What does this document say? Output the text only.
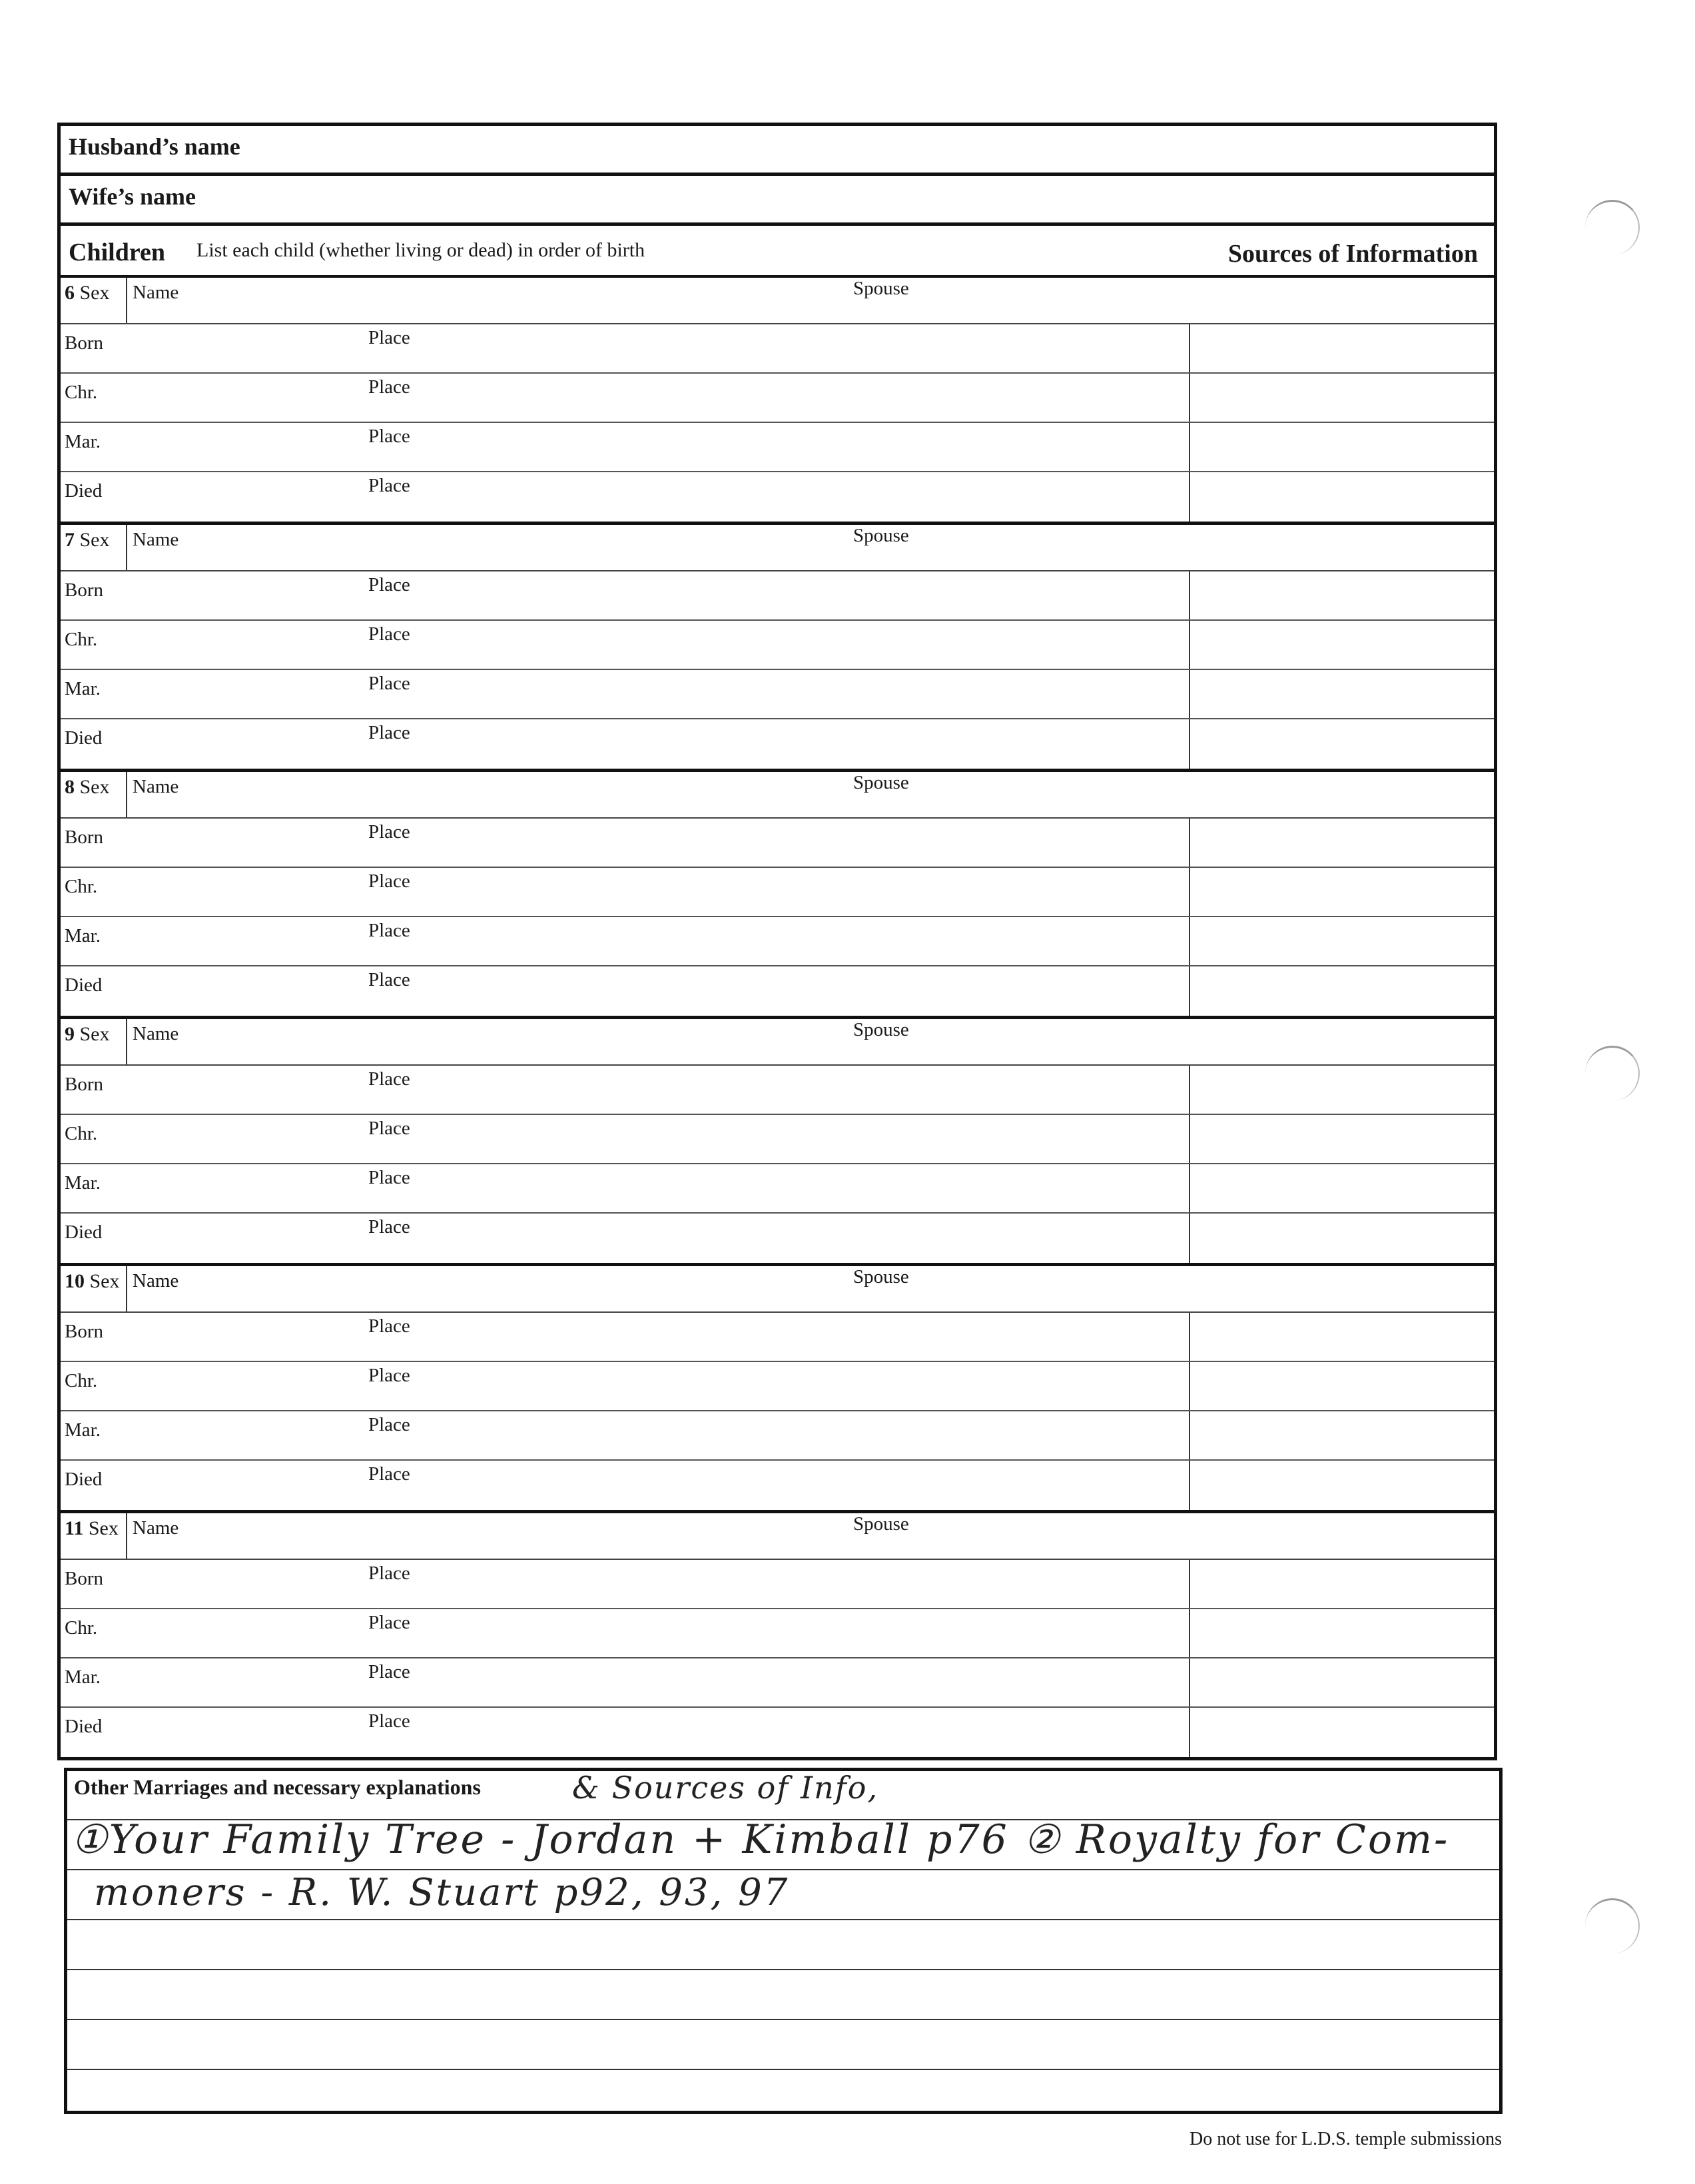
Husband’s name
Wife’s name
Children List each child (whether living or dead) in order of birth	Sources of Information
6 Sex Name	Spouse
Born	Place
Chr.	Place
Mar.	Place
Died	Place
7 Sex Name	Spouse
Born	Place
Chr.	Place
Mar.	Place
Died	Place
8 Sex Name	Spouse
Born	Place
Chr.	Place
Mar.	Place
Died	Place
9 Sex Name	Spouse
Born	Place
Chr.	Place
Mar.	Place
Died	Place
10 Sex Name	Spouse
Born	Place
Chr.	Place
Mar.	Place
Died	Place
11 Sex Name	Spouse
Born	Place
Chr.	Place
Mar.	Place
Died	Place
Other Marriages and necessary explanations	& Sources of Info,
①Your Family Tree - Jordan + Kimball p76 ② Royalty for Com-
moners - R. W. Stuart p92, 93, 97
Do not use for L.D.S. temple submissions
